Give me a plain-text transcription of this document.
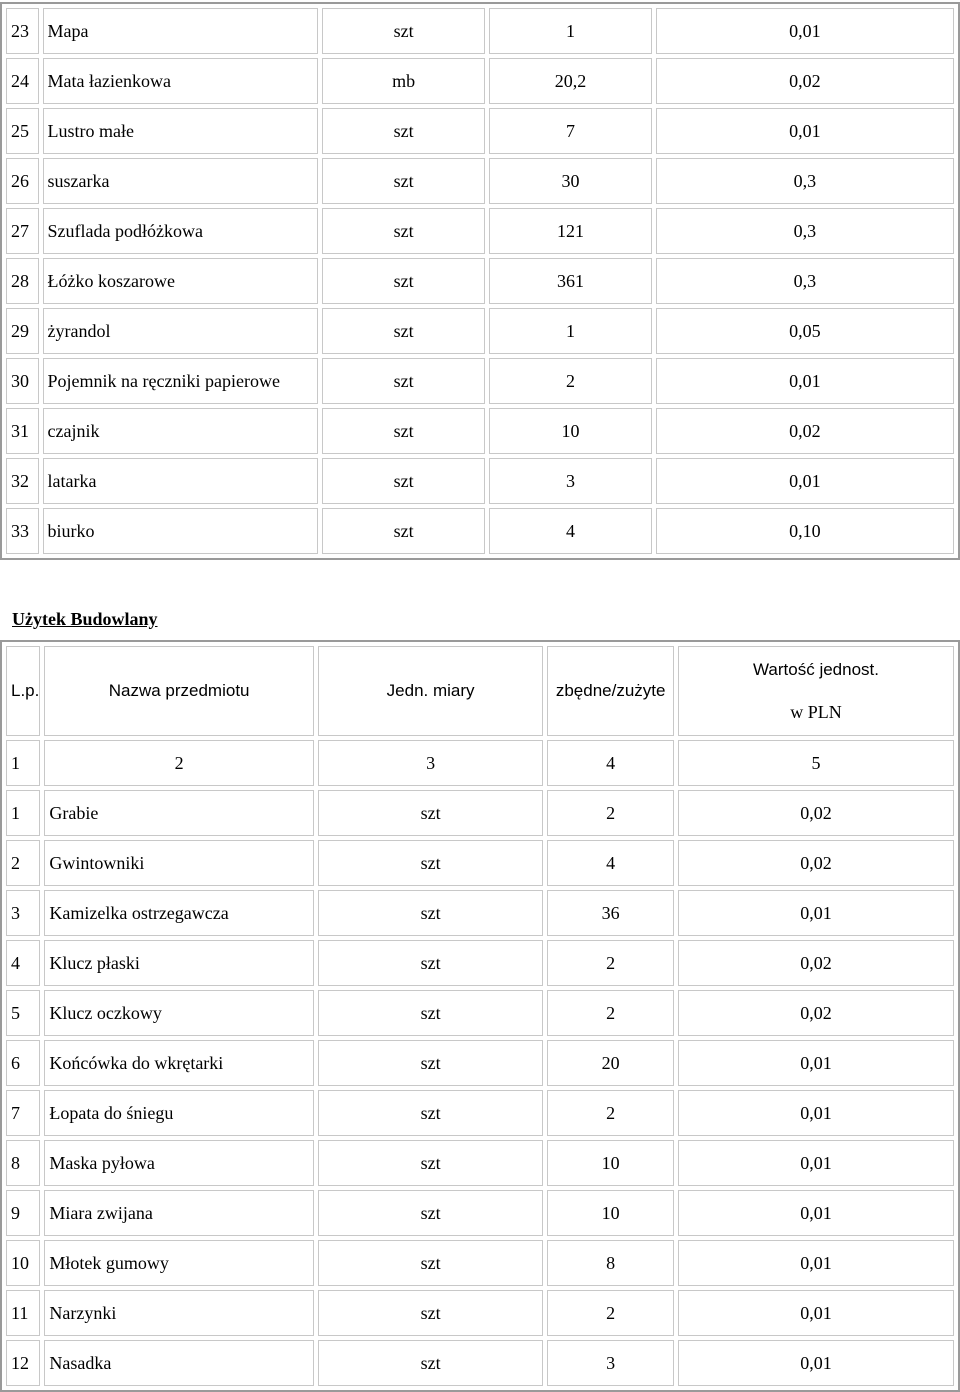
23	Mapa	szt	1	0,01
24	Mata łazienkowa	mb	20,2	0,02
25	Lustro małe	szt	7	0,01
26	suszarka	szt	30	0,3
27	Szuflada podłóżkowa	szt	121	0,3
28	Łóżko koszarowe	szt	361	0,3
29	żyrandol	szt	1	0,05
30	Pojemnik na ręczniki papierowe	szt	2	0,01
31	czajnik	szt	10	0,02
32	latarka	szt	3	0,01
33	biurko	szt	4	0,10
Użytek Budowlany
L.p.	Nazwa przedmiotu	Jedn. miary	zbędne/zużyte	Wartość jednost.
w PLN

1	2	3	4	5
1	Grabie	szt	2	0,02
2	Gwintowniki	szt	4	0,02
3	Kamizelka ostrzegawcza	szt	36	0,01
4	Klucz płaski	szt	2	0,02
5	Klucz oczkowy	szt	2	0,02
6	Końcówka do wkrętarki	szt	20	0,01
7	Łopata do śniegu	szt	2	0,01
8	Maska pyłowa	szt	10	0,01
9	Miara zwijana	szt	10	0,01
10	Młotek gumowy	szt	8	0,01
11	Narzynki	szt	2	0,01
12	Nasadka	szt	3	0,01
